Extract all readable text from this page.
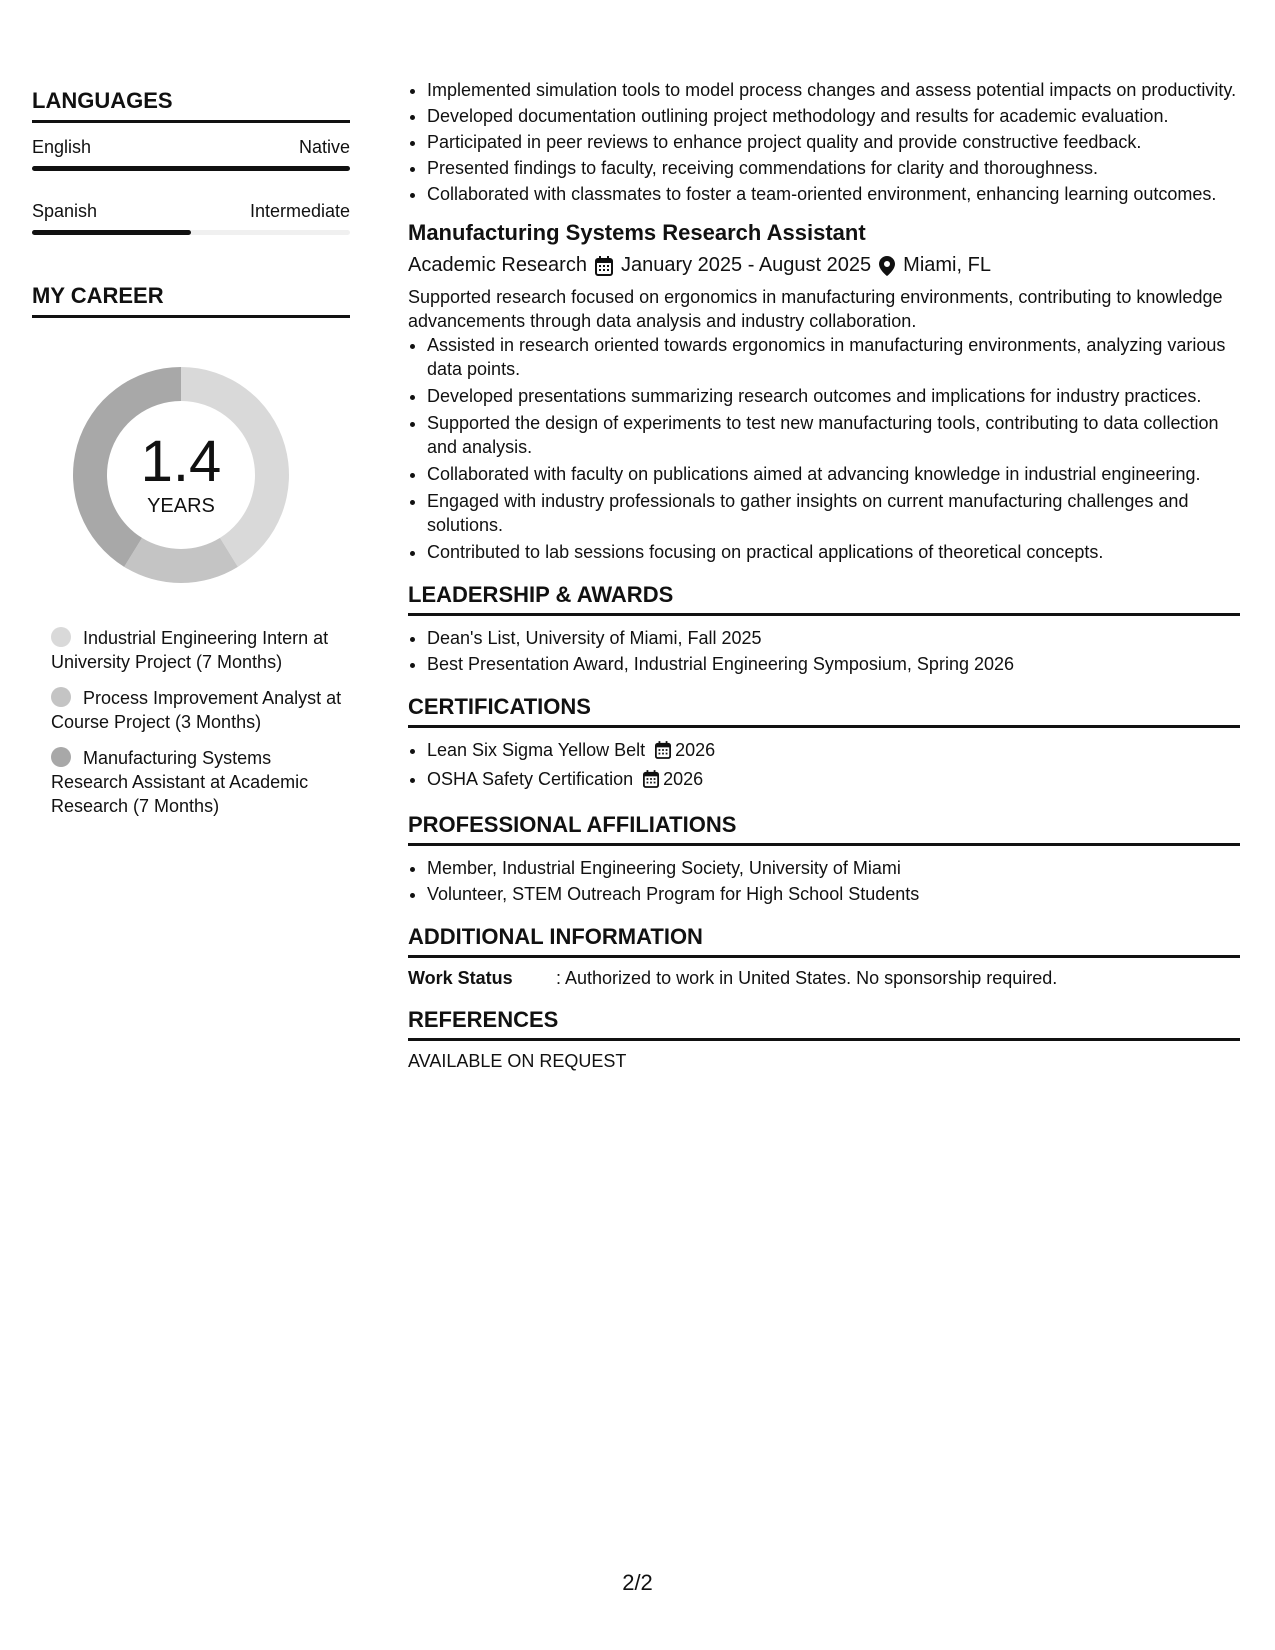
LANGUAGES
English	Native
Spanish	Intermediate
MY CAREER
1.4
YEARS
Industrial Engineering Intern at University Project (7 Months)
Process Improvement Analyst at Course Project (3 Months)
Manufacturing Systems Research Assistant at Academic Research (7 Months)
• Implemented simulation tools to model process changes and assess potential impacts on productivity.
• Developed documentation outlining project methodology and results for academic evaluation.
• Participated in peer reviews to enhance project quality and provide constructive feedback.
• Presented findings to faculty, receiving commendations for clarity and thoroughness.
• Collaborated with classmates to foster a team-oriented environment, enhancing learning outcomes.
Manufacturing Systems Research Assistant
Academic Research January 2025 - August 2025 Miami, FL
Supported research focused on ergonomics in manufacturing environments, contributing to knowledge advancements through data analysis and industry collaboration.
• Assisted in research oriented towards ergonomics in manufacturing environments, analyzing various data points.
• Developed presentations summarizing research outcomes and implications for industry practices.
• Supported the design of experiments to test new manufacturing tools, contributing to data collection and analysis.
• Collaborated with faculty on publications aimed at advancing knowledge in industrial engineering.
• Engaged with industry professionals to gather insights on current manufacturing challenges and solutions.
• Contributed to lab sessions focusing on practical applications of theoretical concepts.
LEADERSHIP & AWARDS
• Dean's List, University of Miami, Fall 2025
• Best Presentation Award, Industrial Engineering Symposium, Spring 2026
CERTIFICATIONS
• Lean Six Sigma Yellow Belt 2026
• OSHA Safety Certification 2026
PROFESSIONAL AFFILIATIONS
• Member, Industrial Engineering Society, University of Miami
• Volunteer, STEM Outreach Program for High School Students
ADDITIONAL INFORMATION
Work Status	: Authorized to work in United States. No sponsorship required.
REFERENCES
AVAILABLE ON REQUEST
2/2
